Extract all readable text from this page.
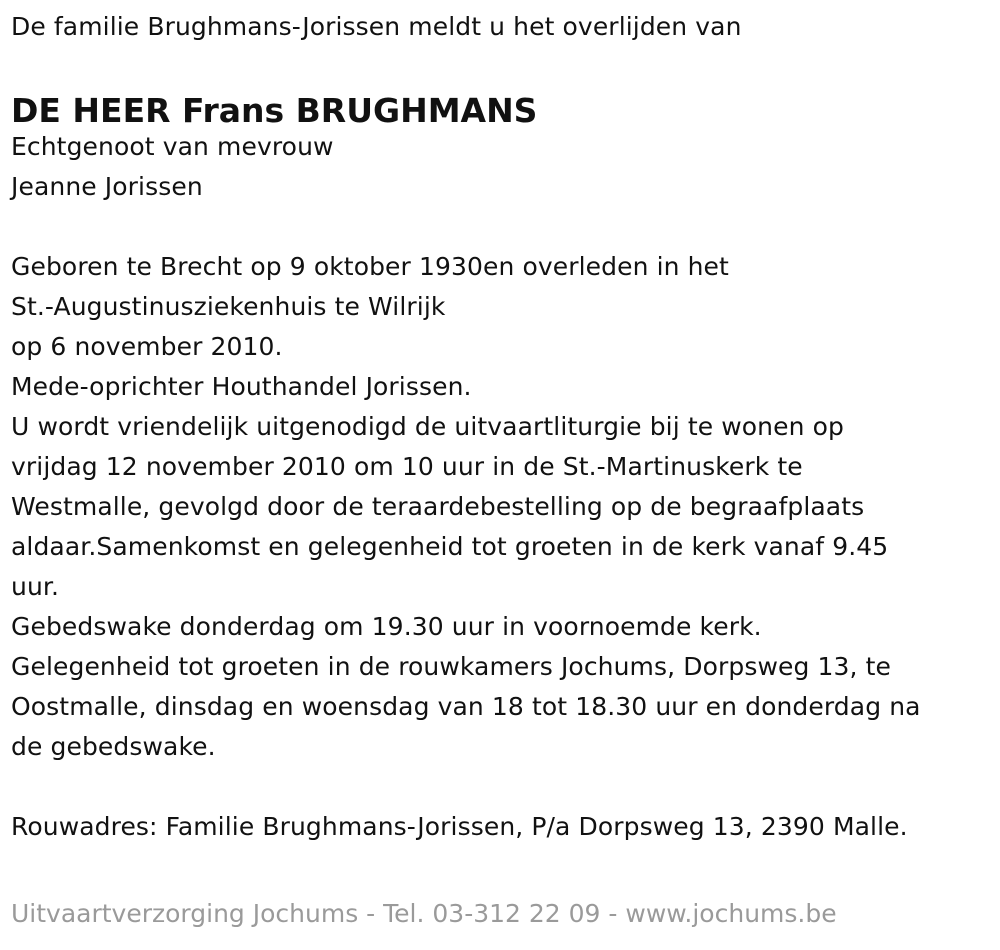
De familie Brughmans-Jorissen meldt u het overlijden van
DE HEER Frans BRUGHMANS
Echtgenoot van mevrouw
Jeanne Jorissen
Geboren te Brecht op 9 oktober 1930en overleden in het
St.-Augustinusziekenhuis te Wilrijk
op 6 november 2010.
Mede-oprichter Houthandel Jorissen.
U wordt vriendelijk uitgenodigd de uitvaartliturgie bij te wonen op
vrijdag 12 november 2010 om 10 uur in de St.-Martinuskerk te
Westmalle, gevolgd door de teraardebestelling op de begraafplaats
aldaar.Samenkomst en gelegenheid tot groeten in de kerk vanaf 9.45
uur.
Gebedswake donderdag om 19.30 uur in voornoemde kerk.
Gelegenheid tot groeten in de rouwkamers Jochums, Dorpsweg 13, te
Oostmalle, dinsdag en woensdag van 18 tot 18.30 uur en donderdag na
de gebedswake.
Rouwadres: Familie Brughmans-Jorissen, P/a Dorpsweg 13, 2390 Malle.
Uitvaartverzorging Jochums - Tel. 03-312 22 09 - www.jochums.be
